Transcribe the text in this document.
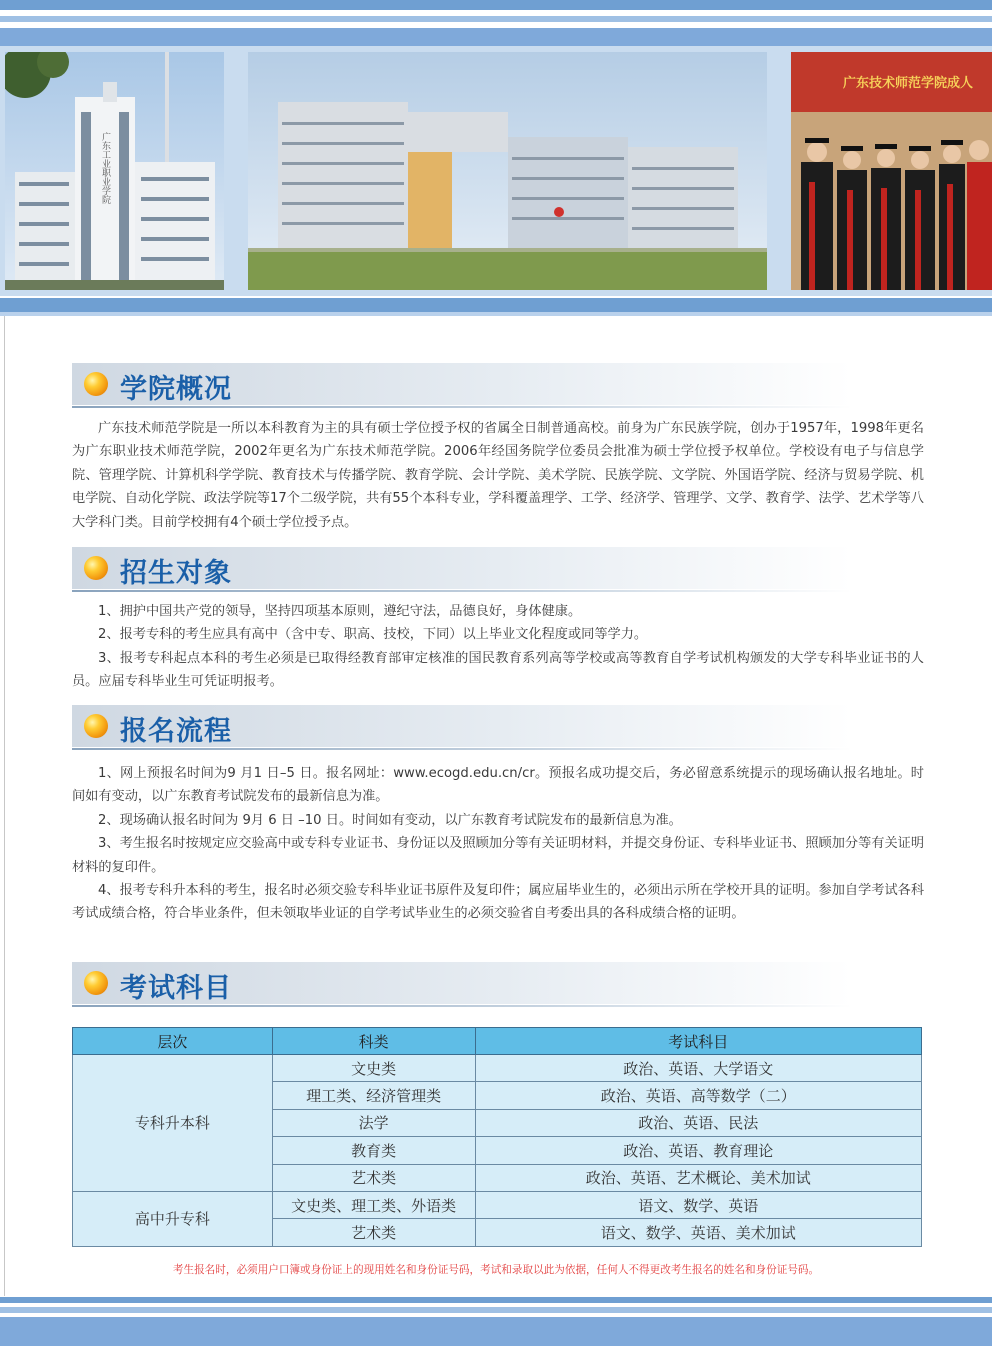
广东工业职业学院
广东技术师范学院成人
学院概况
广东技术师范学院是一所以本科教育为主的具有硕士学位授予权的省属全日制普通高校。前身为广东民族学院，创办于1957年，1998年更名为广东职业技术师范学院，2002年更名为广东技术师范学院。2006年经国务院学位委员会批准为硕士学位授予权单位。学校设有电子与信息学院、管理学院、计算机科学学院、教育技术与传播学院、教育学院、会计学院、美术学院、民族学院、文学院、外国语学院、经济与贸易学院、机电学院、自动化学院、政法学院等17个二级学院，共有55个本科专业，学科覆盖理学、工学、经济学、管理学、文学、教育学、法学、艺术学等八大学科门类。目前学校拥有4个硕士学位授予点。
招生对象
1、拥护中国共产党的领导，坚持四项基本原则，遵纪守法，品德良好，身体健康。
2、报考专科的考生应具有高中（含中专、职高、技校，下同）以上毕业文化程度或同等学力。
3、报考专科起点本科的考生必须是已取得经教育部审定核准的国民教育系列高等学校或高等教育自学考试机构颁发的大学专科毕业证书的人员。应届专科毕业生可凭证明报考。
报名流程
1、网上预报名时间为9 月1 日–5 日。报名网址：www.ecogd.edu.cn/cr。预报名成功提交后，务必留意系统提示的现场确认报名地址。时间如有变动，以广东教育考试院发布的最新信息为准。
2、现场确认报名时间为 9月 6 日 –10 日。时间如有变动，以广东教育考试院发布的最新信息为准。
3、考生报名时按规定应交验高中或专科专业证书、身份证以及照顾加分等有关证明材料，并提交身份证、专科毕业证书、照顾加分等有关证明材料的复印件。
4、报考专科升本科的考生，报名时必须交验专科毕业证书原件及复印件；属应届毕业生的，必须出示所在学校开具的证明。参加自学考试各科考试成绩合格，符合毕业条件，但未领取毕业证的自学考试毕业生的必须交验省自考委出具的各科成绩合格的证明。
考试科目
层次	科类	考试科目
专科升本科	文史类	政治、英语、大学语文
	理工类、经济管理类	政治、英语、高等数学（二）
	法学	政治、英语、民法
	教育类	政治、英语、教育理论
	艺术类	政治、英语、艺术概论、美术加试
高中升专科	文史类、理工类、外语类	语文、数学、英语
	艺术类	语文、数学、英语、美术加试
考生报名时，必须用户口簿或身份证上的现用姓名和身份证号码，考试和录取以此为依据，任何人不得更改考生报名的姓名和身份证号码。
